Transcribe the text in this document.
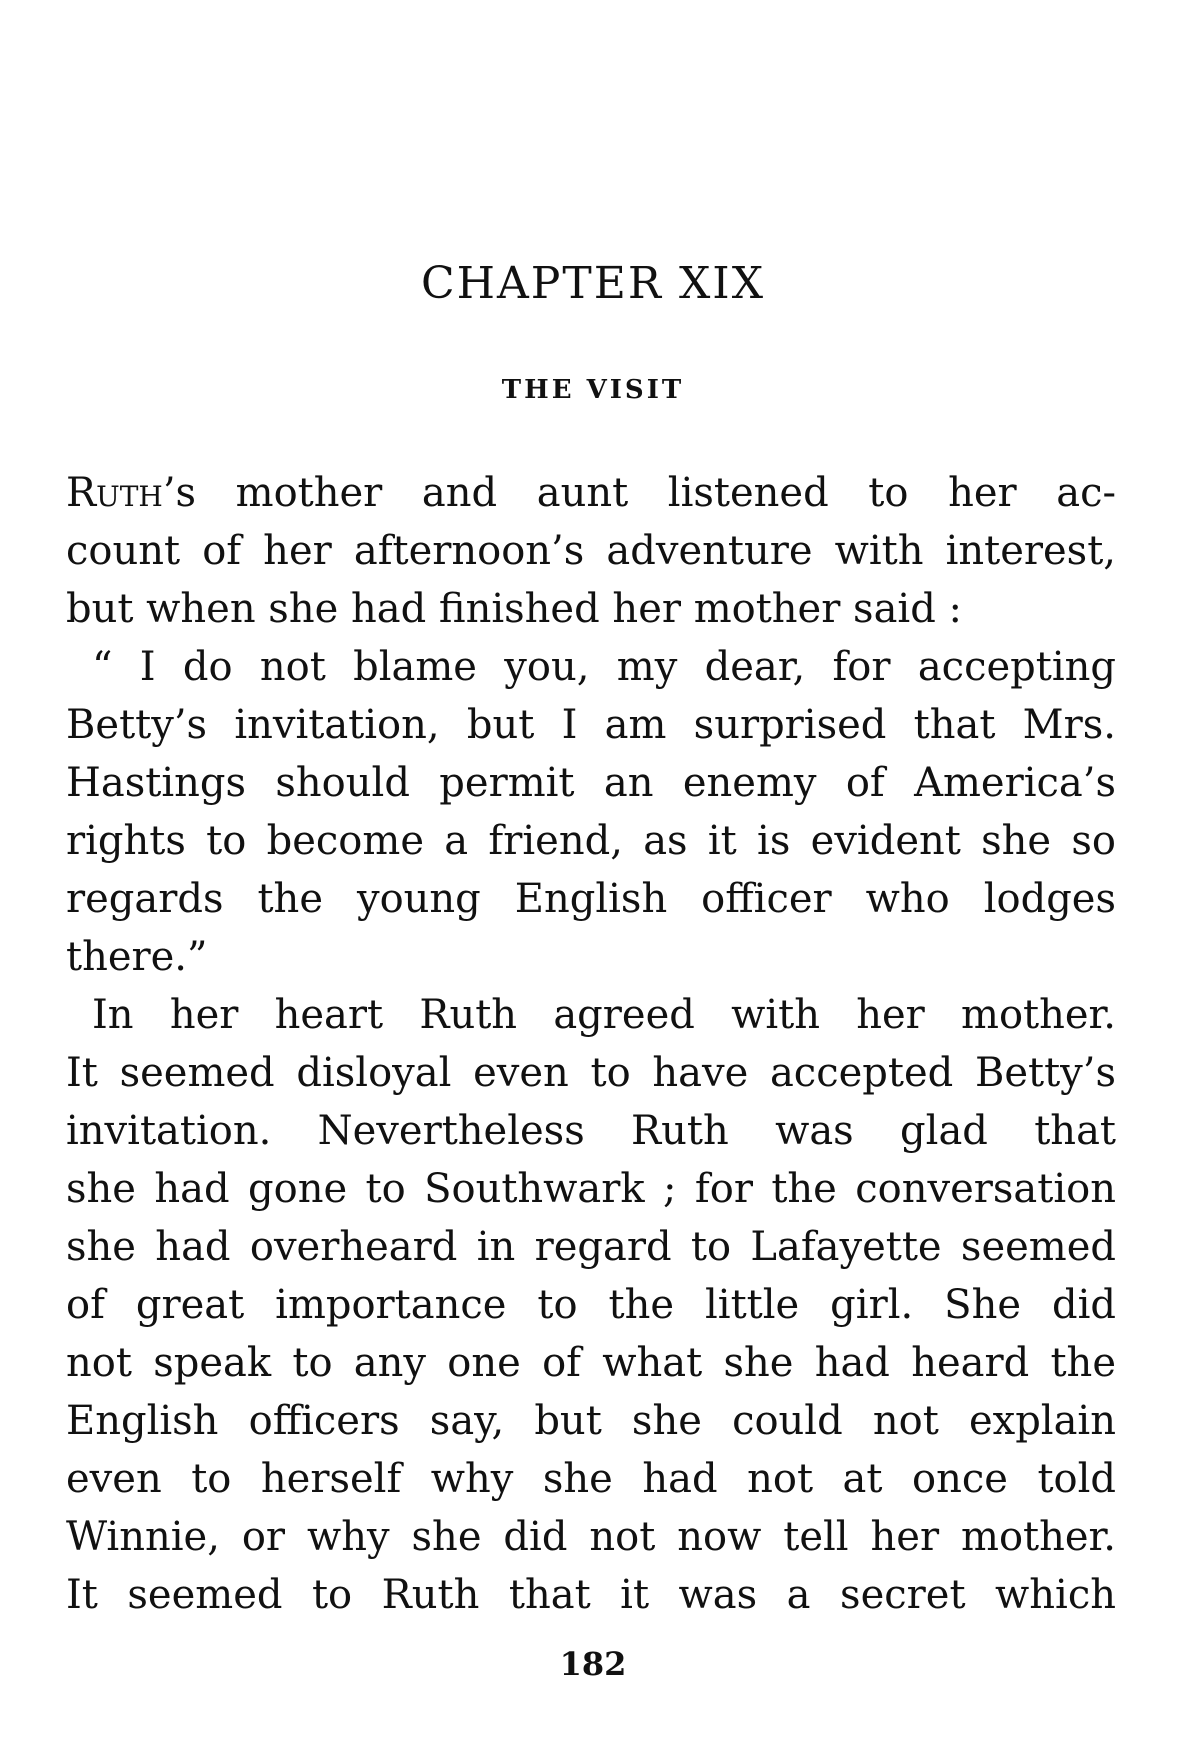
CHAPTER XIX
THE VISIT
Ruth’s mother and aunt listened to her ac-
count of her afternoon’s adventure with interest,
but when she had finished her mother said :
“ I do not blame you, my dear, for accepting
Betty’s invitation, but I am surprised that Mrs.
Hastings should permit an enemy of America’s
rights to become a friend, as it is evident she so
regards the young English officer who lodges
there.”
In her heart Ruth agreed with her mother.
It seemed disloyal even to have accepted Betty’s
invitation. Nevertheless Ruth was glad that
she had gone to Southwark ; for the conversation
she had overheard in regard to Lafayette seemed
of great importance to the little girl. She did
not speak to any one of what she had heard the
English officers say, but she could not explain
even to herself why she had not at once told
Winnie, or why she did not now tell her mother.
It seemed to Ruth that it was a secret which
182
